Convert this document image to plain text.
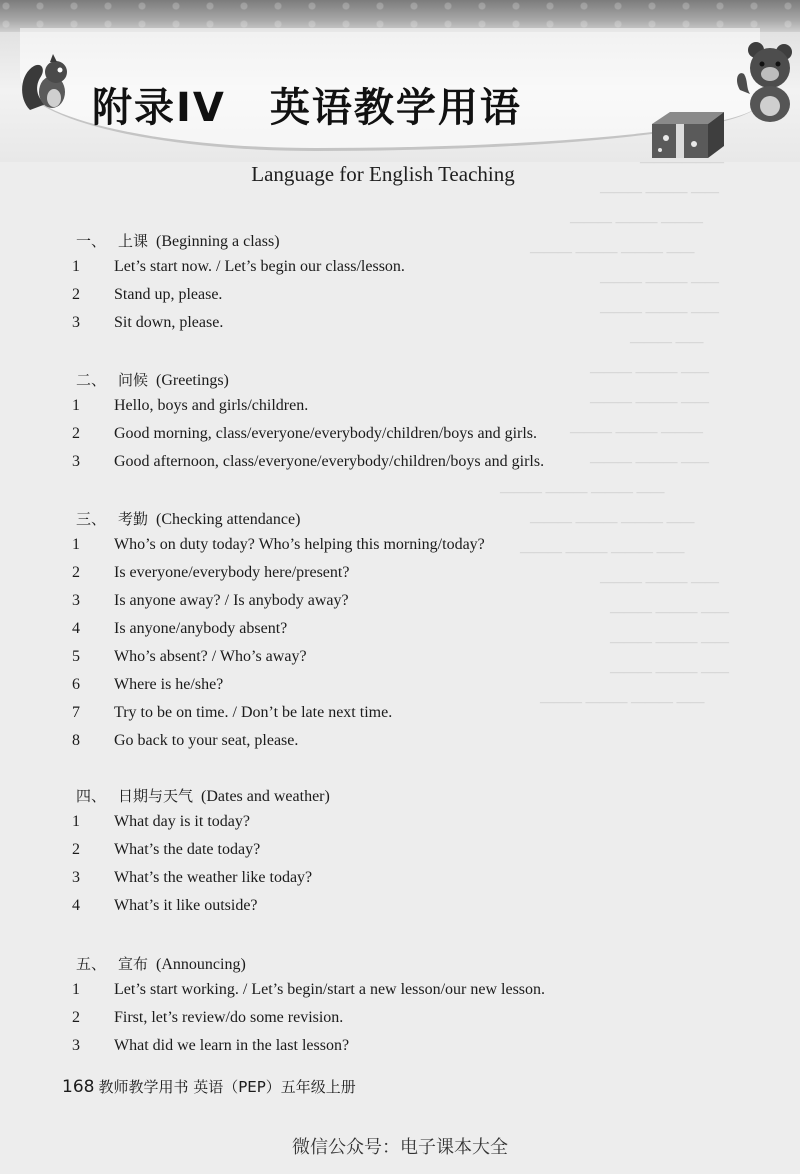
附录IV 英语教学用语
Language for English Teaching	——————
——— ——— ——
——— ——— ———
——— ——— ——— ——
——— ——— ——
——— ——— ——
——— ——
——— ——— ——
——— ——— ——
——— ——— ———
——— ——— ——
——— ——— ——— ——
——— ——— ——— ——
——— ——— ——— ——
——— ——— ——
——— ——— ——
——— ——— ——
——— ——— ——
——— ——— ——— ——
一、 上课 (Beginning a class)
1 Let’s start now. / Let’s begin our class/lesson.
2 Stand up, please.
3 Sit down, please.
二、 问候 (Greetings)
1 Hello, boys and girls/children.
2 Good morning, class/everyone/everybody/children/boys and girls.
3 Good afternoon, class/everyone/everybody/children/boys and girls.
三、 考勤 (Checking attendance)
1 Who’s on duty today? Who’s helping this morning/today?
2 Is everyone/everybody here/present?
3 Is anyone away? / Is anybody away?
4 Is anyone/anybody absent?
5 Who’s absent? / Who’s away?
6 Where is he/she?
7 Try to be on time. / Don’t be late next time.
8 Go back to your seat, please.
四、 日期与天气 (Dates and weather)
1 What day is it today?
2 What’s the date today?
3 What’s the weather like today?
4 What’s it like outside?
五、 宣布 (Announcing)
1 Let’s start working. / Let’s begin/start a new lesson/our new lesson.
2 First, let’s review/do some revision.
3 What did we learn in the last lesson?
168 教师教学用书 英语（PEP）五年级上册
微信公众号：电子课本大全
